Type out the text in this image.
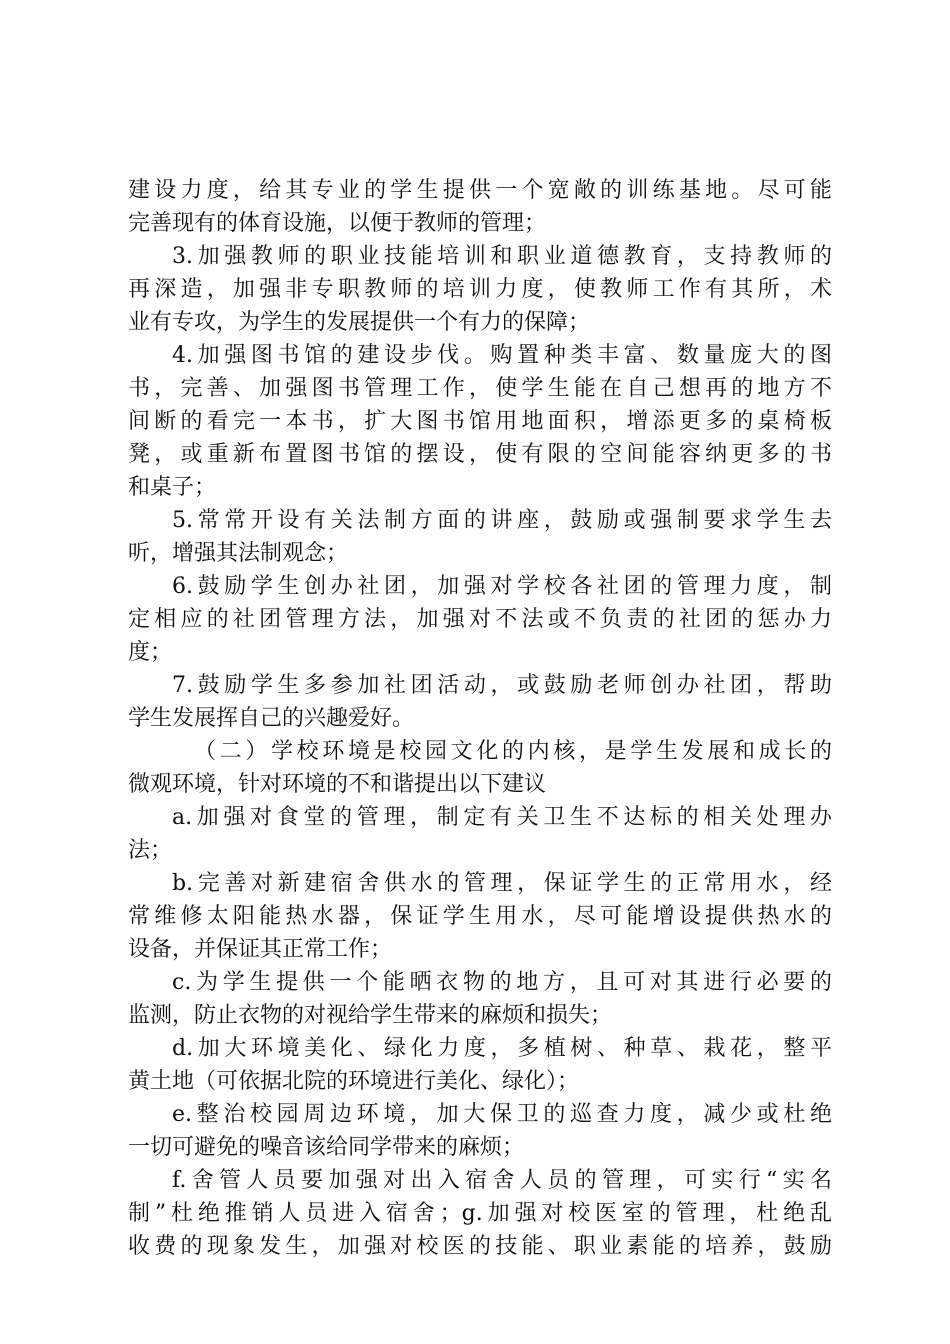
建设力度，给其专业的学生提供一个宽敞的训练基地。尽可能
完善现有的体育设施，以便于教师的管理；
3.加强教师的职业技能培训和职业道德教育，支持教师的
再深造，加强非专职教师的培训力度，使教师工作有其所，术
业有专攻，为学生的发展提供一个有力的保障；
4.加强图书馆的建设步伐。购置种类丰富、数量庞大的图
书，完善、加强图书管理工作，使学生能在自己想再的地方不
间断的看完一本书，扩大图书馆用地面积，增添更多的桌椅板
凳，或重新布置图书馆的摆设，使有限的空间能容纳更多的书
和桌子；
5.常常开设有关法制方面的讲座，鼓励或强制要求学生去
听，增强其法制观念；
6.鼓励学生创办社团，加强对学校各社团的管理力度，制
定相应的社团管理方法，加强对不法或不负责的社团的惩办力
度；
7.鼓励学生多参加社团活动，或鼓励老师创办社团，帮助
学生发展挥自己的兴趣爱好。
（二）学校环境是校园文化的内核，是学生发展和成长的
微观环境，针对环境的不和谐提出以下建议
a.加强对食堂的管理，制定有关卫生不达标的相关处理办
法；
b.完善对新建宿舍供水的管理，保证学生的正常用水，经
常维修太阳能热水器，保证学生用水，尽可能增设提供热水的
设备，并保证其正常工作；
c.为学生提供一个能晒衣物的地方，且可对其进行必要的
监测，防止衣物的对视给学生带来的麻烦和损失；
d.加大环境美化、绿化力度，多植树、种草、栽花，整平
黄土地（可依据北院的环境进行美化、绿化）；
e.整治校园周边环境，加大保卫的巡查力度，减少或杜绝
一切可避免的噪音该给同学带来的麻烦；
f.舍管人员要加强对出入宿舍人员的管理，可实行“实名
制”杜绝推销人员进入宿舍；g.加强对校医室的管理，杜绝乱
收费的现象发生，加强对校医的技能、职业素能的培养，鼓励
